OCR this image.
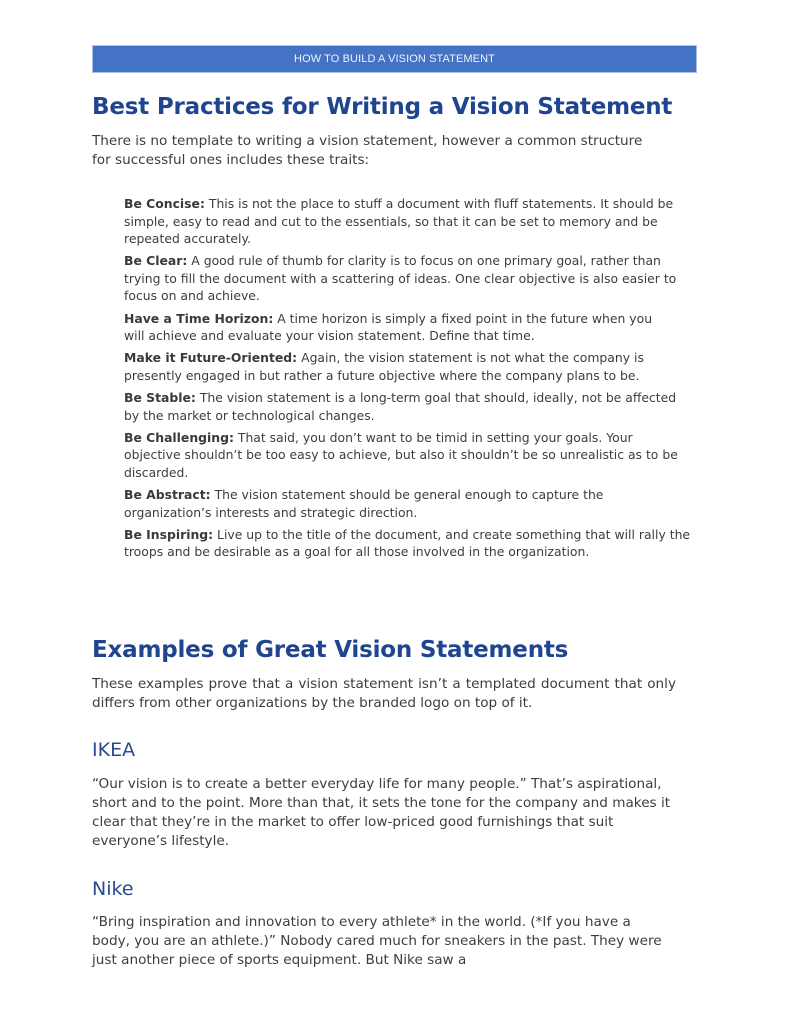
HOW TO BUILD A VISION STATEMENT
Best Practices for Writing a Vision Statement
There is no template to writing a vision statement, however a common structure for successful ones includes these traits:
Be Concise: This is not the place to stuff a document with fluff statements. It should be simple, easy to read and cut to the essentials, so that it can be set to memory and be repeated accurately.
Be Clear: A good rule of thumb for clarity is to focus on one primary goal, rather than trying to fill the document with a scattering of ideas. One clear objective is also easier to focus on and achieve.
Have a Time Horizon: A time horizon is simply a fixed point in the future when you will achieve and evaluate your vision statement. Define that time.
Make it Future-Oriented: Again, the vision statement is not what the company is presently engaged in but rather a future objective where the company plans to be.
Be Stable: The vision statement is a long-term goal that should, ideally, not be affected by the market or technological changes.
Be Challenging: That said, you don’t want to be timid in setting your goals. Your objective shouldn’t be too easy to achieve, but also it shouldn’t be so unrealistic as to be discarded.
Be Abstract: The vision statement should be general enough to capture the organization’s interests and strategic direction.
Be Inspiring: Live up to the title of the document, and create something that will rally the troops and be desirable as a goal for all those involved in the organization.
Examples of Great Vision Statements
These examples prove that a vision statement isn’t a templated document that only differs from other organizations by the branded logo on top of it.
IKEA
“Our vision is to create a better everyday life for many people.” That’s aspirational, short and to the point. More than that, it sets the tone for the company and makes it clear that they’re in the market to offer low-priced good furnishings that suit everyone’s lifestyle.
Nike
“Bring inspiration and innovation to every athlete* in the world. (*If you have a body, you are an athlete.)” Nobody cared much for sneakers in the past. They were just another piece of sports equipment. But Nike saw a
